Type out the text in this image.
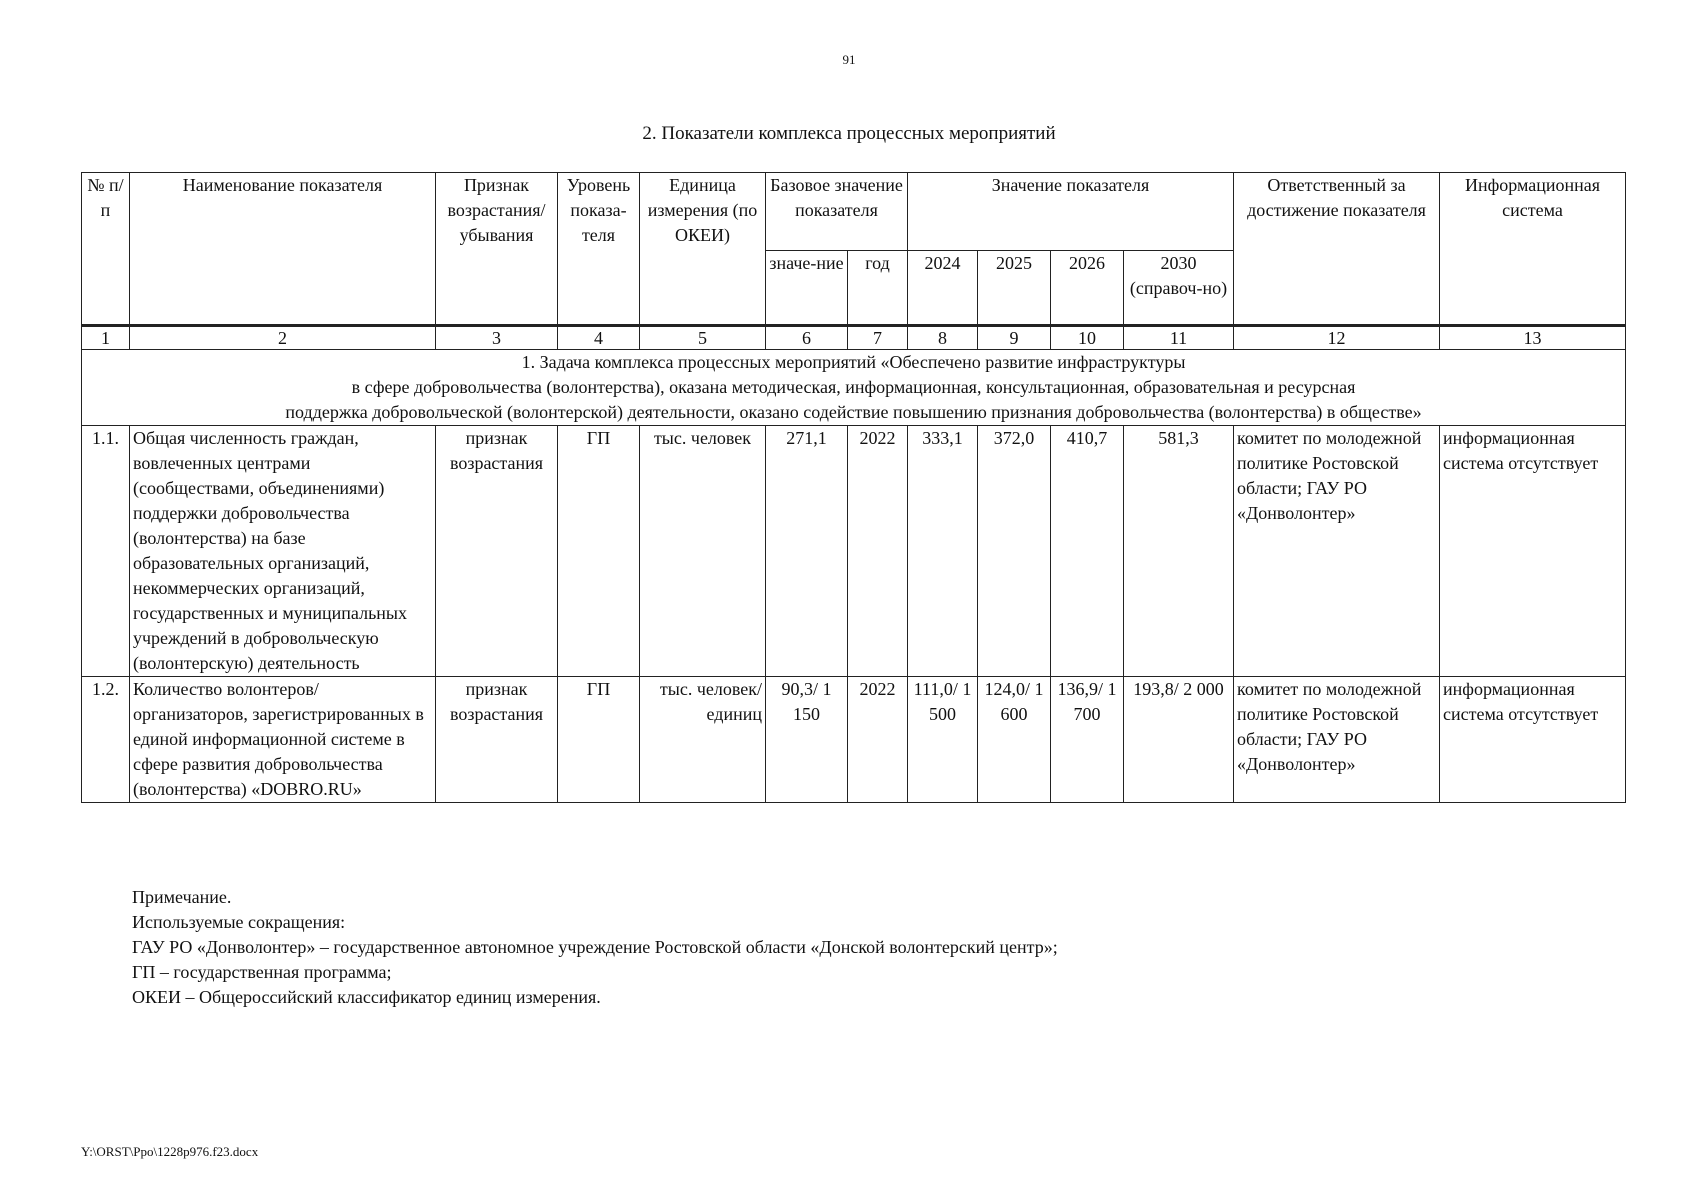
91
2. Показатели комплекса процессных мероприятий
№ п/п	Наименование показателя	Признак возрастания/ убывания	Уровень показа-теля	Единица измерения (по ОКЕИ)	Базовое значение показателя		Значение показателя				Ответственный за достижение показателя	Информационная система
					значе-ние	год	2024	2025	2026	2030 (справоч-но)		
1	2	3	4	5	6	7	8	9	10	11	12	13

1. Задача комплекса процессных мероприятий «Обеспечено развитие инфраструктуры
в сфере добровольчества (волонтерства), оказана методическая, информационная, консультационная, образовательная и ресурсная
поддержка добровольческой (волонтерской) деятельности, оказано содействие повышению признания добровольчества (волонтерства) в обществе»												

1.1.	Общая численность граждан, вовлеченных центрами (сообществами, объединениями) поддержки добровольчества (волонтерства) на базе образовательных организаций, некоммерческих организаций, государственных и муниципальных учреждений в добровольческую (волонтерскую) деятельность	признак возрастания	ГП	тыс. человек	271,1	2022	333,1	372,0	410,7	581,3	комитет по молодежной политике Ростовской области; ГАУ РО «Донволонтер»	информационная система отсутствует
1.2.	Количество волонтеров/ организаторов, зарегистрированных в единой информационной системе в сфере развития добровольчества (волонтерства) «DOBRO.RU»	признак возрастания	ГП	тыс. человек/ единиц	90,3/ 1 150	2022	111,0/ 1 500	124,0/ 1 600	136,9/ 1 700	193,8/ 2 000	комитет по молодежной политике Ростовской области; ГАУ РО «Донволонтер»	информационная система отсутствует
Примечание.
Используемые сокращения:
ГАУ РО «Донволонтер» – государственное автономное учреждение Ростовской области «Донской волонтерский центр»;
ГП – государственная программа;
ОКЕИ – Общероссийский классификатор единиц измерения.
Y:\ORST\Ppo\1228p976.f23.docx
